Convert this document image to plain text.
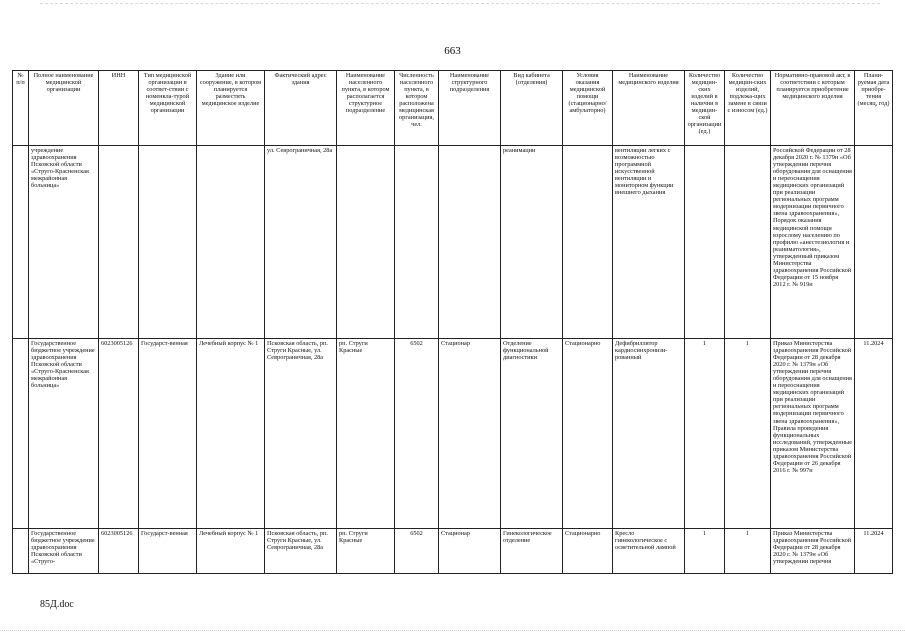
663
№ п/п	Полное наименование медицинской организации	ИНН	Тип медицинской организации в соответ-ствии с номенкла-турой медицинской организации	Здание или сооружение, в котором планируется разместить медицинское изделие	Фактический адрес здания	Наименование населенного пункта, в котором располагается структурное подразделение	Численность населенного пункта, в котором расположена медицинская организация, чел.	Наименование структурного подразделения	Вид кабинета (отделения)	Условия оказания медицинской помощи (стационарно/ амбулаторно)	Наименование медицинского изделия	Количество медицин-ских изделий в наличии в медицин-ской организации (ед.)	Количество медицин-ских изделий, подлежа-щих замене в связи с износом (ед.)	Нормативно-правовой акт, в соответствии с которым планируется приобретение медицинского изделия	Плани-руемая дата приобре-тения (месяц, год)
	учреждение здравоохранения Псковской области «Струго-Красненская межрайонная больница»				ул. Севрограничная, 28а				реанимации		вентиляции легких с возможностью программной искусственной вентиляции и мониторном функции внешнего дыхания			Российской Федерации от 28 декабря 2020 г. № 1379н «Об утверждении перечня оборудования для оснащения и переоснащения медицинских организаций при реализации региональных программ модернизации первичного звена здравоохранения», Порядок оказания медицинской помощи взрослому населению по профилю «анестезиология и реаниматология», утвержденный приказом Министерства здравоохранения Российской Федерации от 15 ноября 2012 г. № 919н	
	Государственное бюджетное учреждение здравоохранения Псковской области «Струго-Красненская межрайонная больница»	6023005126	Государст-венная	Лечебный корпус № 1	Псковская область, рп. Струги Красные, ул. Севрограничная, 28а	рп. Струги Красные	6502	Стационар	Отделение функциональной диагностики	Стационарно	Дефибриллятор кардиосинхронизи-рованный	1	1	Приказ Министерства здравоохранения Российской Федерации от 28 декабря 2020 г. № 1379н «Об утверждении перечня оборудования для оснащения и переоснащения медицинских организаций при реализации региональных программ модернизации первичного звена здравоохранения», Правила проведения функциональных исследований, утвержденные приказом Министерства здравоохранения Российской Федерации от 26 декабря 2016 г. № 997н	11.2024
	Государственное бюджетное учреждение здравоохранения Псковской области «Струго-	6023005126	Государст-венная	Лечебный корпус № 1	Псковская область, рп. Струги Красные, ул. Севрограничная, 28а	рп. Струги Красные	6502	Стационар	Гинекологическое отделение	Стационарно	Кресло гинекологическое с осветительной лампой	1	1	Приказ Министерства здравоохранения Российской Федерации от 28 декабря 2020 г. № 1379н «Об утверждении перечня	11.2024
85Д.doc
